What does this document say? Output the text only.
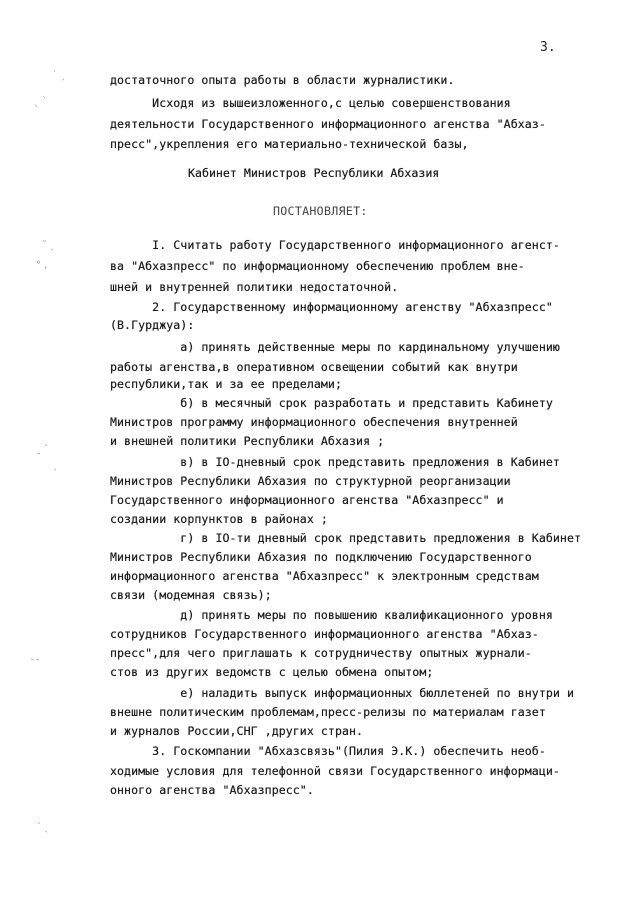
3.
достаточного опыта работы в области журналистики.
Исходя из вышеизложенного,с целью совершенствования
деятельности Государственного информационного агенства "Абхаз-
пресс",укрепления его материально-технической базы,
Кабинет Министров Республики Абхазия
ПОСТАНОВЛЯЕТ:
I. Считать работу Государственного информационного агенст-
ва "Абхазпресс" по информационному обеспечению проблем вне-
шней и внутренней политики недостаточной.
2. Государственному информационному агенству "Абхазпресс"
(В.Гурджуа):
а) принять действенные меры по кардинальному улучшению
работы агенства,в оперативном освещении событий как внутри
республики,так и за ее пределами;
б) в месячный срок разработать и представить Кабинету
Министров программу информационного обеспечения внутренней
и внешней политики Республики Абхазия ;
в) в IO-дневный срок представить предложения в Кабинет
Министров Республики Абхазия по структурной реорганизации
Государственного информационного агенства "Абхазпресс" и
создании корпунктов в районах ;
г) в IO-ти дневный срок представить предложения в Кабинет
Министров Республики Абхазия по подключению Государственного
информационного агенства "Абхазпресс" к электронным средствам
связи (модемная связь);
д) принять меры по повышению квалификационного уровня
сотрудников Государственного информационного агенства "Абхаз-
пресс",для чего приглашать к сотрудничеству опытных журнали-
стов из других ведомств с целью обмена опытом;
е) наладить выпуск информационных бюллетеней по внутри и
внешне политическим проблемам,пресс-релизы по материалам газет
и журналов России,СНГ ,других стран.
3. Госкомпании "Абхазсвязь"(Пилия Э.К.) обеспечить необ-
ходимые условия для телефонной связи Государственного информаци-
онного агенства "Абхазпресс".
˙ ˏ
ˎ ˋ
˘ ˎ
° ,
ˍ ˋ
ˏ
ˍˍ
ˊ ˎ
